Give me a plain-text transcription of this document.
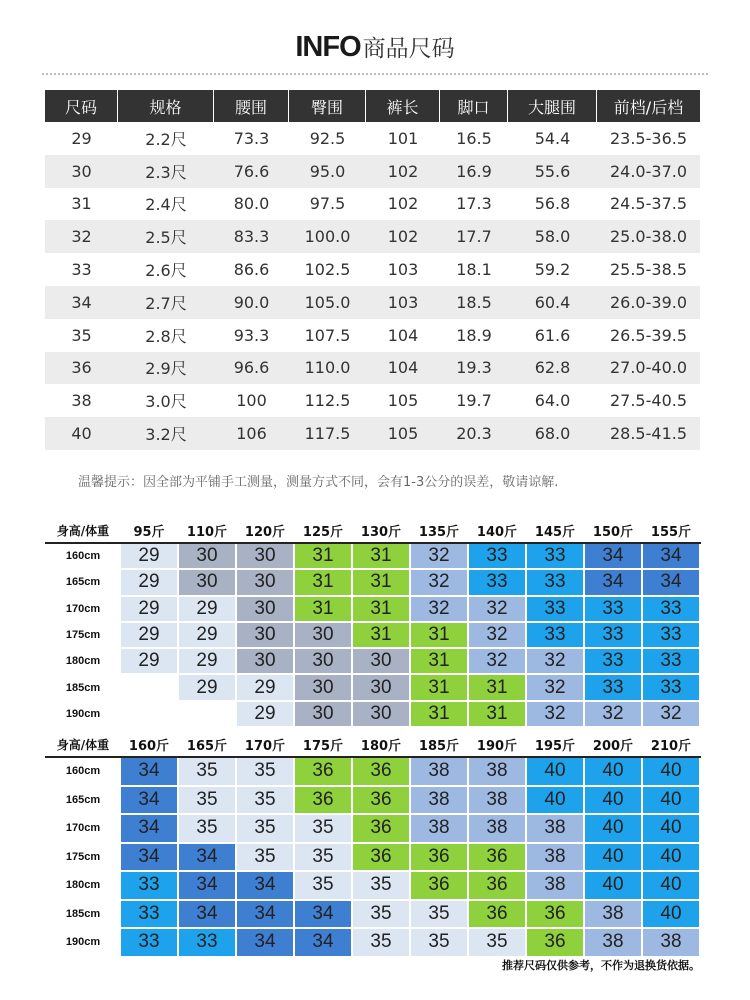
INFO商品尺码
尺码	规格	腰围	臀围	裤长	脚口	大腿围	前档/后档
29	2.2尺	73.3	92.5	101	16.5	54.4	23.5-36.5
30	2.3尺	76.6	95.0	102	16.9	55.6	24.0-37.0
31	2.4尺	80.0	97.5	102	17.3	56.8	24.5-37.5
32	2.5尺	83.3	100.0	102	17.7	58.0	25.0-38.0
33	2.6尺	86.6	102.5	103	18.1	59.2	25.5-38.5
34	2.7尺	90.0	105.0	103	18.5	60.4	26.0-39.0
35	2.8尺	93.3	107.5	104	18.9	61.6	26.5-39.5
36	2.9尺	96.6	110.0	104	19.3	62.8	27.0-40.0
38	3.0尺	100	112.5	105	19.7	64.0	27.5-40.5
40	3.2尺	106	117.5	105	20.3	68.0	28.5-41.5
温馨提示：因全部为平铺手工测量，测量方式不同，会有1-3公分的误差，敬请谅解.
身高/体重	95斤	110斤	120斤	125斤	130斤	135斤	140斤	145斤	150斤	155斤
160cm	29	30	30	31	31	32	33	33	34	34
165cm	29	30	30	31	31	32	33	33	34	34
170cm	29	29	30	31	31	32	32	33	33	33
175cm	29	29	30	30	31	31	32	33	33	33
180cm	29	29	30	30	30	31	32	32	33	33
185cm		29	29	30	30	31	31	32	33	33
190cm			29	30	30	31	31	32	32	32
身高/体重	160斤	165斤	170斤	175斤	180斤	185斤	190斤	195斤	200斤	210斤
160cm	34	35	35	36	36	38	38	40	40	40
165cm	34	35	35	36	36	38	38	40	40	40
170cm	34	35	35	35	36	38	38	38	40	40
175cm	34	34	35	35	36	36	36	38	40	40
180cm	33	34	34	35	35	36	36	38	40	40
185cm	33	34	34	34	35	35	36	36	38	40
190cm	33	33	34	34	35	35	35	36	38	38
推荐尺码仅供参考，不作为退换货依据。
